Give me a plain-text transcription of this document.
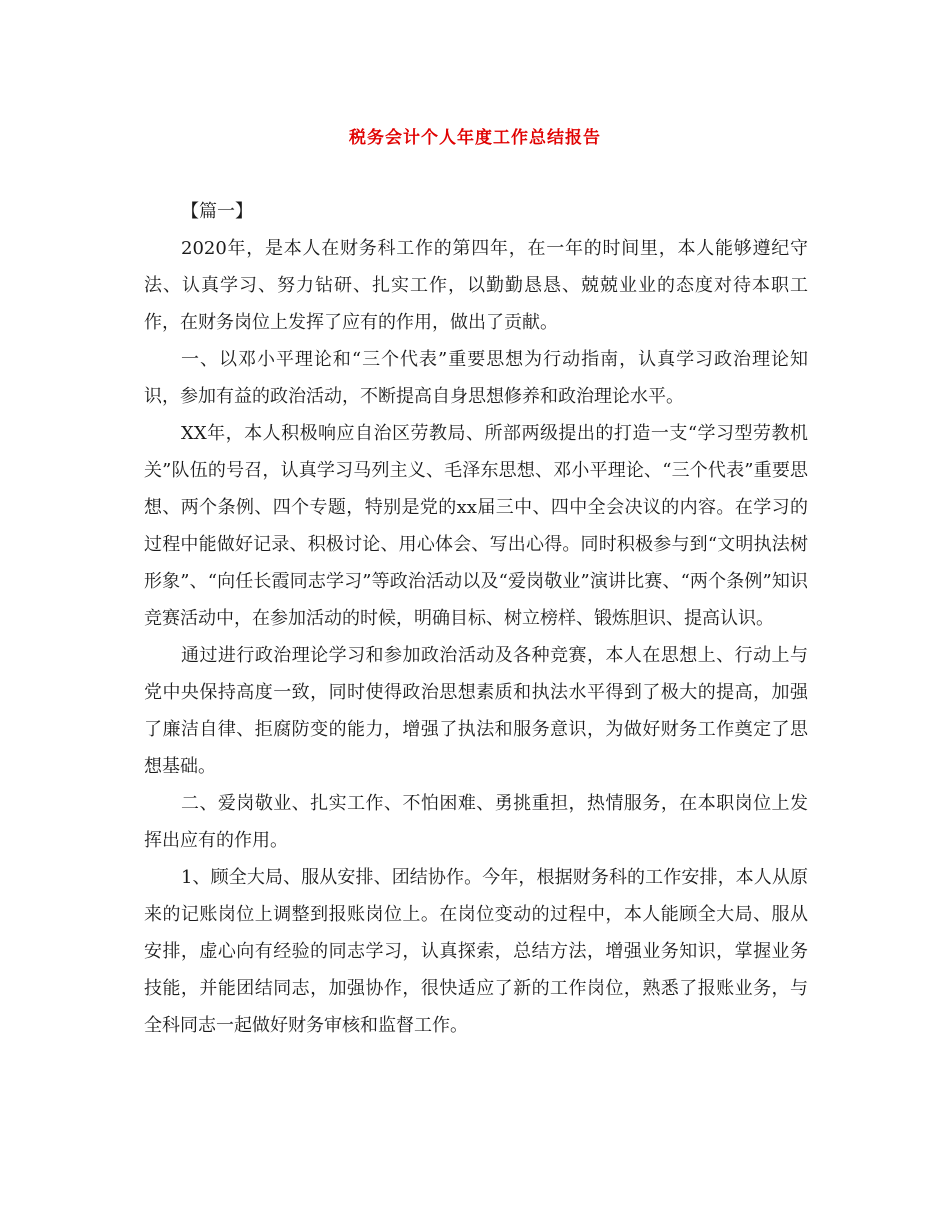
税务会计个人年度工作总结报告

【篇一】

2020年，是本人在财务科工作的第四年，在一年的时间里，本人能够遵纪守法、认真学习、努力钻研、扎实工作，以勤勤恳恳、兢兢业业的态度对待本职工作，在财务岗位上发挥了应有的作用，做出了贡献。

一、以邓小平理论和“三个代表”重要思想为行动指南，认真学习政治理论知识，参加有益的政治活动，不断提高自身思想修养和政治理论水平。

XX年，本人积极响应自治区劳教局、所部两级提出的打造一支“学习型劳教机关”队伍的号召，认真学习马列主义、毛泽东思想、邓小平理论、“三个代表”重要思想、两个条例、四个专题，特别是党的xx届三中、四中全会决议的内容。在学习的过程中能做好记录、积极讨论、用心体会、写出心得。同时积极参与到“文明执法树形象”、“向任长霞同志学习”等政治活动以及“爱岗敬业”演讲比赛、“两个条例”知识竞赛活动中，在参加活动的时候，明确目标、树立榜样、锻炼胆识、提高认识。

通过进行政治理论学习和参加政治活动及各种竞赛，本人在思想上、行动上与党中央保持高度一致，同时使得政治思想素质和执法水平得到了极大的提高，加强了廉洁自律、拒腐防变的能力，增强了执法和服务意识，为做好财务工作奠定了思想基础。

二、爱岗敬业、扎实工作、不怕困难、勇挑重担，热情服务，在本职岗位上发挥出应有的作用。

1、顾全大局、服从安排、团结协作。今年，根据财务科的工作安排，本人从原来的记账岗位上调整到报账岗位上。在岗位变动的过程中，本人能顾全大局、服从安排，虚心向有经验的同志学习，认真探索，总结方法，增强业务知识，掌握业务技能，并能团结同志，加强协作，很快适应了新的工作岗位，熟悉了报账业务，与全科同志一起做好财务审核和监督工作。
